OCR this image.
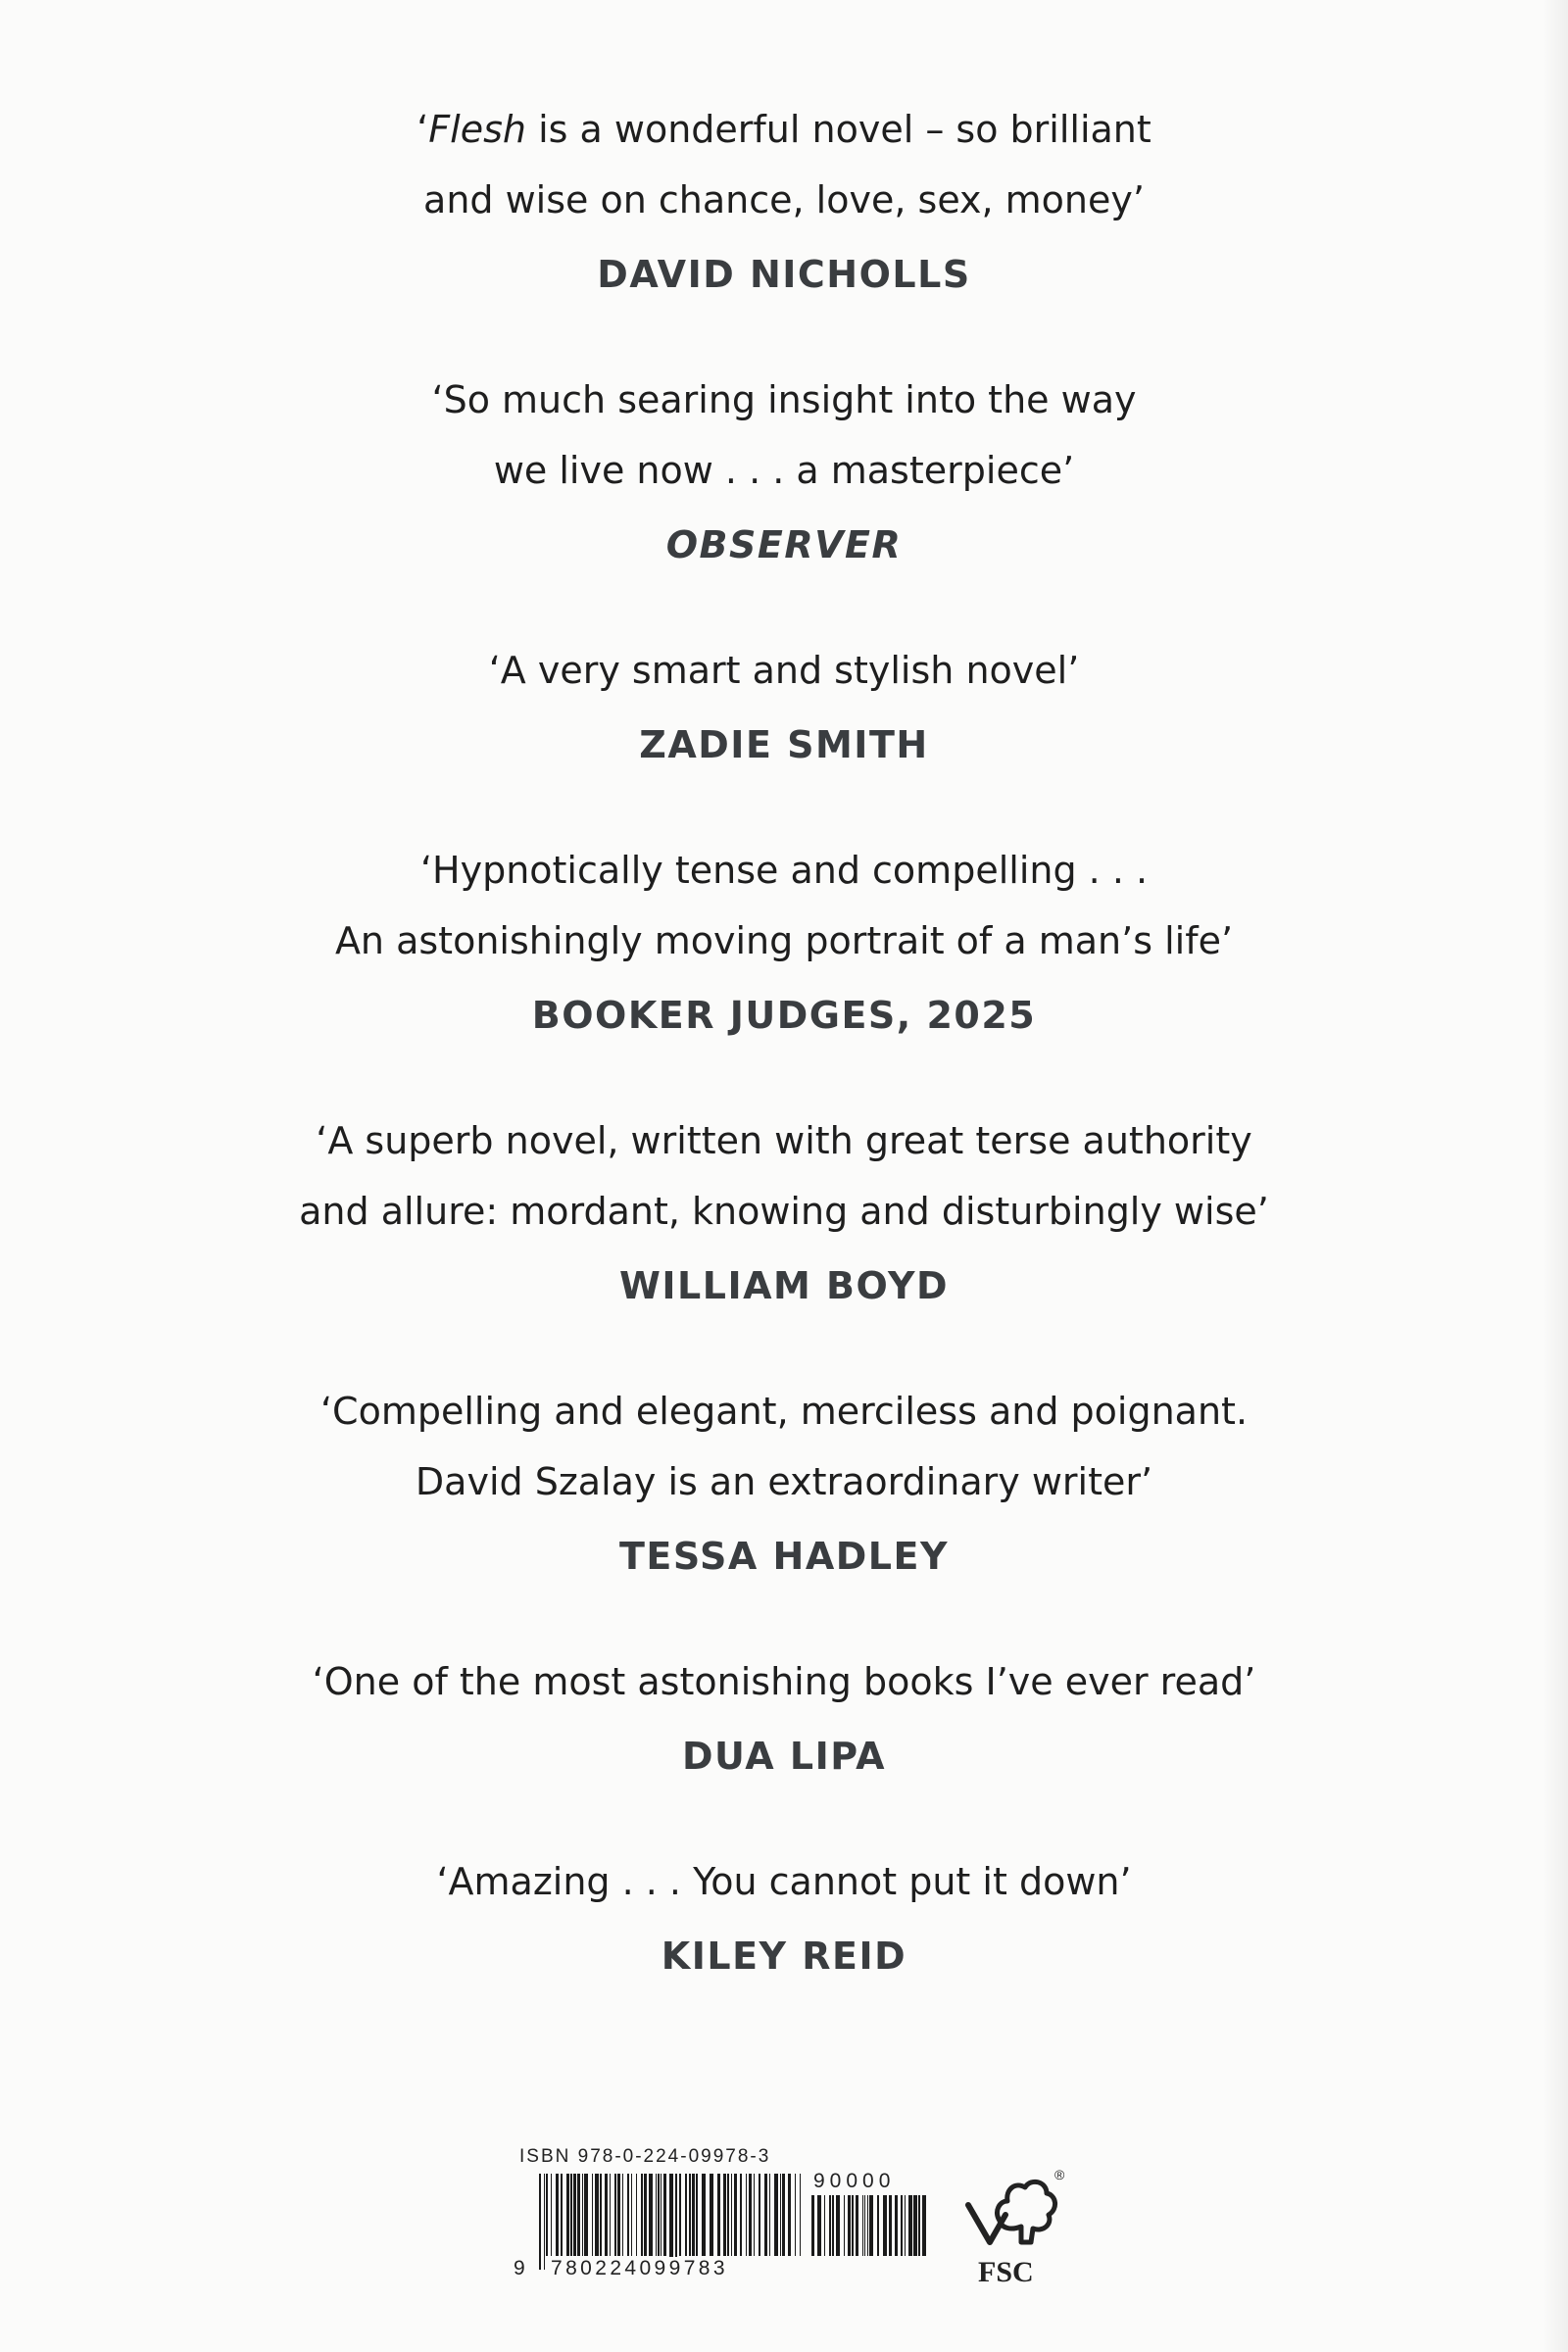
‘Flesh is a wonderful novel – so brilliant
and wise on chance, love, sex, money’
DAVID NICHOLLS
‘So much searing insight into the way
we live now . . . a masterpiece’
OBSERVER
‘A very smart and stylish novel’
ZADIE SMITH
‘Hypnotically tense and compelling . . .
An astonishingly moving portrait of a man’s life’
BOOKER JUDGES, 2025
‘A superb novel, written with great terse authority
and allure: mordant, knowing and disturbingly wise’
WILLIAM BOYD
‘Compelling and elegant, merciless and poignant.
David Szalay is an extraordinary writer’
TESSA HADLEY
‘One of the most astonishing books I’ve ever read’
DUA LIPA
‘Amazing . . . You cannot put it down’
KILEY REID
ISBN 978-0-224-09978-3
9 780224099783
90000	®
FSC
